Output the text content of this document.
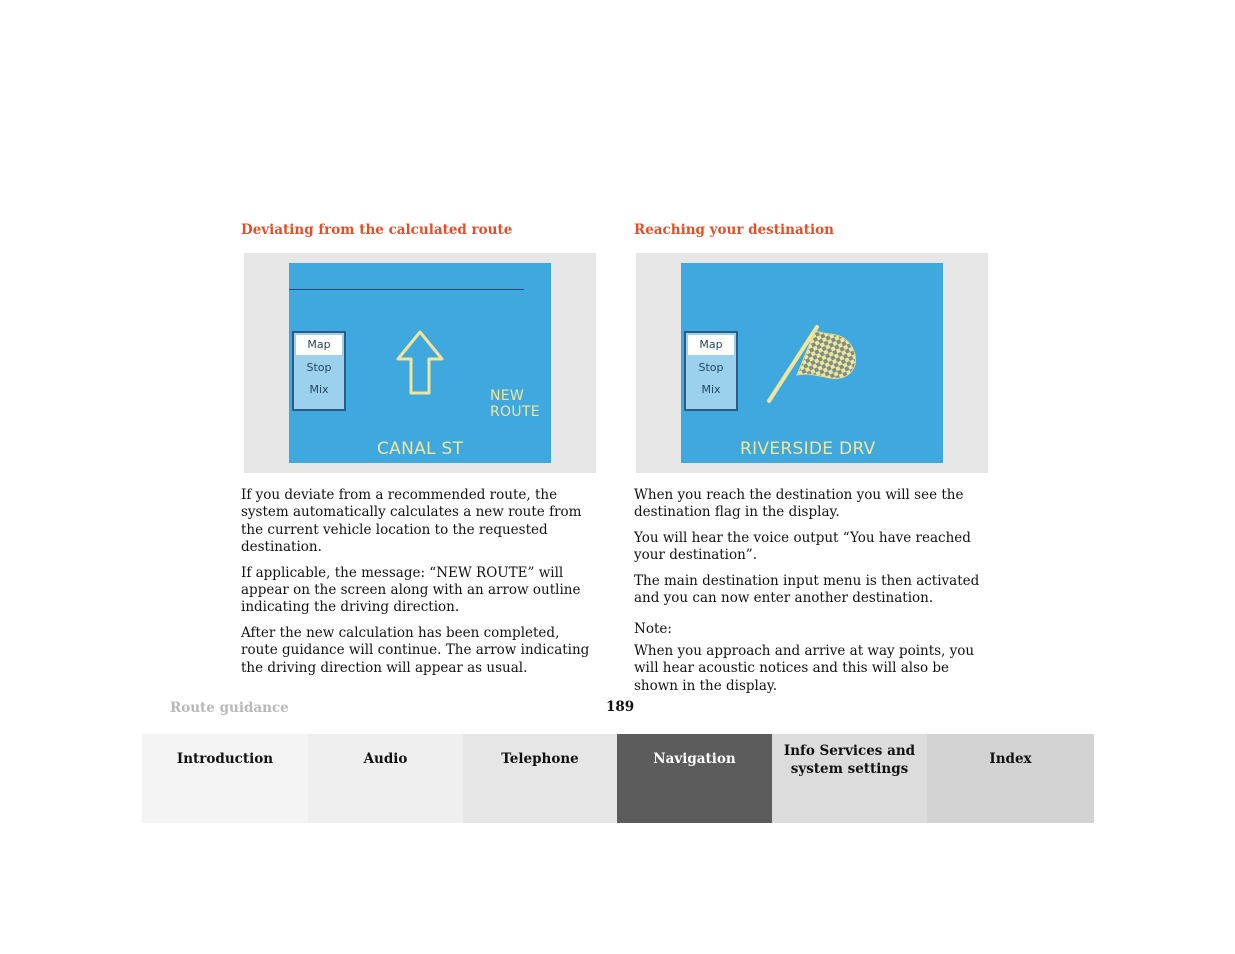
Deviating from the calculated route
Map
Stop
Mix	NEW
ROUTE
CANAL ST

If you deviate from a recommended route, the system automatically calculates a new route from the current vehicle location to the requested destination.

If applicable, the message: “NEW ROUTE” will appear on the screen along with an arrow outline indicating the driving direction.

After the new calculation has been completed, route guidance will continue. The arrow indicating the driving direction will appear as usual.

Reaching your destination
Map
Stop
Mix
RIVERSIDE DRV

When you reach the destination you will see the destination flag in the display.

You will hear the voice output “You have reached your destination”.

The main destination input menu is then activated and you can now enter another destination.

Note:

When you approach and arrive at way points, you will hear acoustic notices and this will also be shown in the display.

Route guidance	189
Introduction	Audio	Telephone	Navigation	Info Services and
system settings
Index
